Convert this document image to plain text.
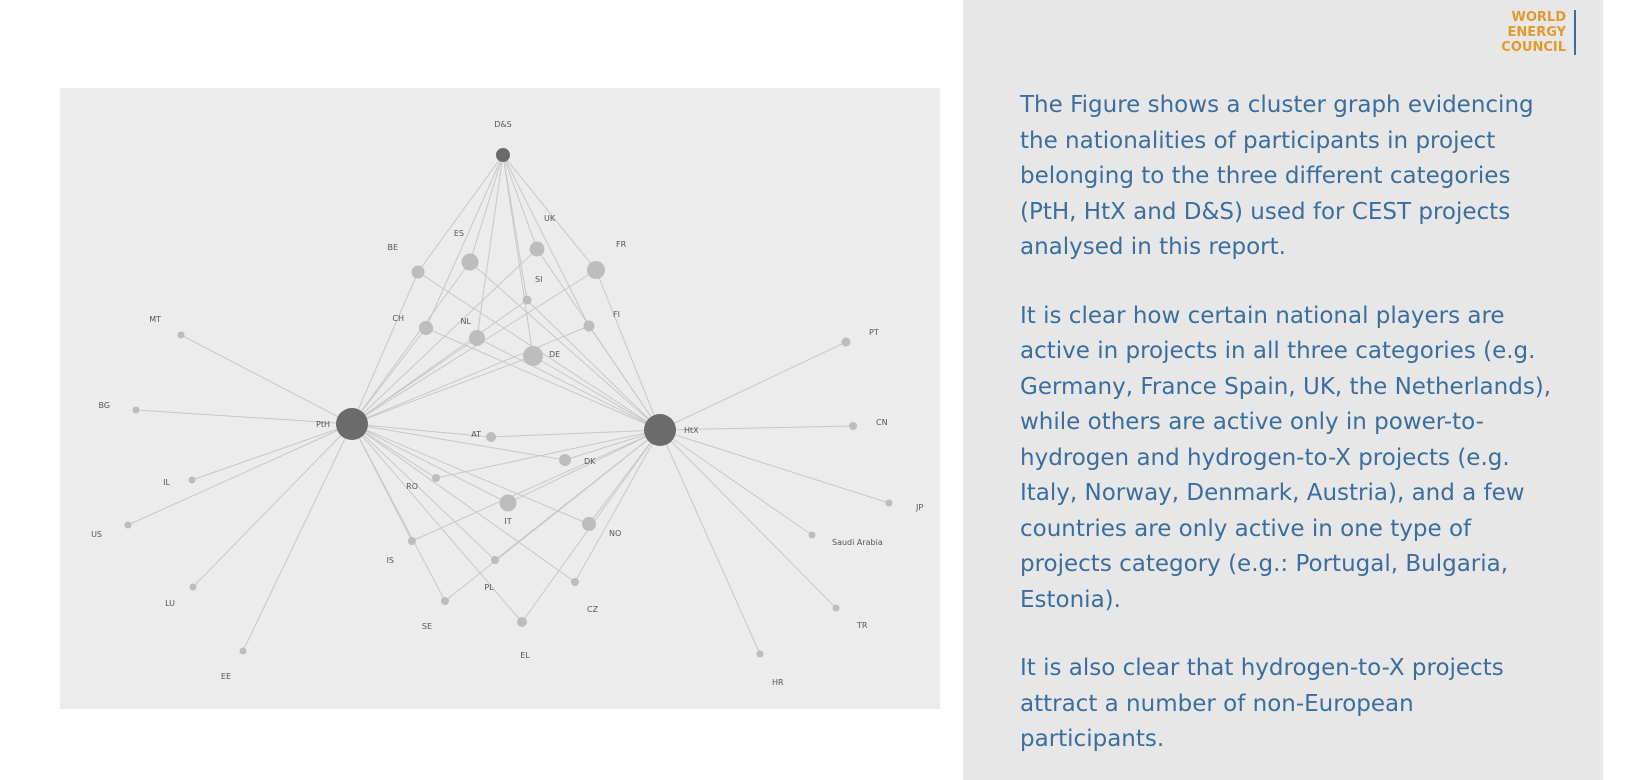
D&S
PtH
HtX
BE
ES
UK
FR
SI
CH	NL
FI
DE
MT
BG
IL
US
LU
EE
AT
DK
RO
IT
NO
IS
PL
CZ
SE
EL
PT
CN
JP
Saudi Arabia
TR
HR
WORLD
ENERGY
COUNCIL

The Figure shows a cluster graph evidencing the nationalities of participants in project belonging to the three different categories (PtH, HtX and D&S) used for CEST projects analysed in this report.

It is clear how certain national players are active in projects in all three categories (e.g. Germany, France Spain, UK, the Netherlands), while others are active only in power-to-hydrogen and hydrogen-to-X projects (e.g. Italy, Norway, Denmark, Austria), and a few countries are only active in one type of projects category (e.g.: Portugal, Bulgaria, Estonia).

It is also clear that hydrogen-to-X projects attract a number of non-European participants.
